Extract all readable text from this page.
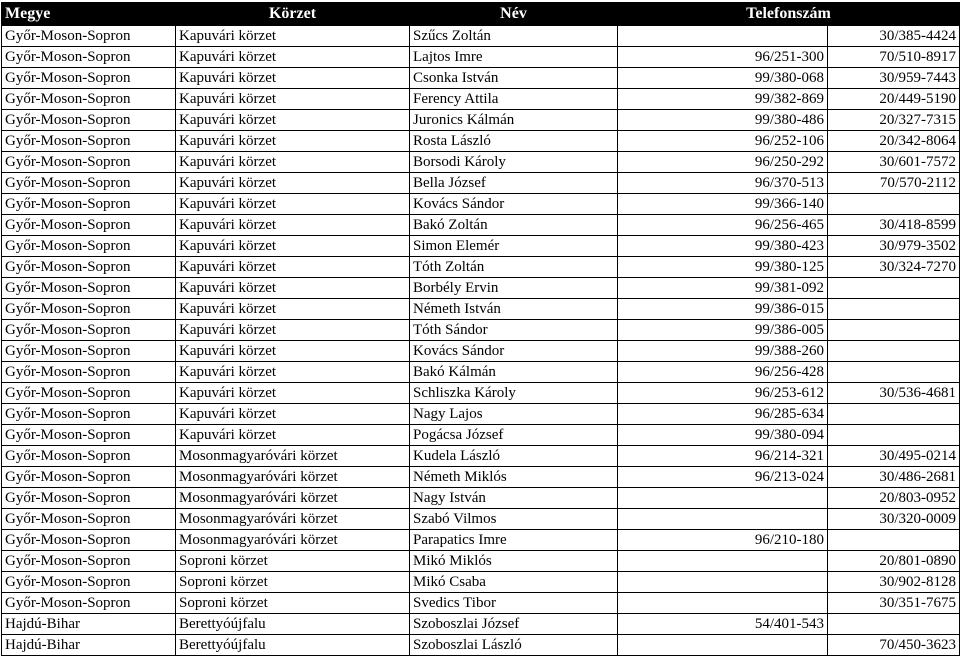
Megye	Körzet	Név	Telefonszám	
Győr-Moson-Sopron	Kapuvári körzet	Szűcs Zoltán		30/385-4424
Győr-Moson-Sopron	Kapuvári körzet	Lajtos Imre	96/251-300	70/510-8917
Győr-Moson-Sopron	Kapuvári körzet	Csonka István	99/380-068	30/959-7443
Győr-Moson-Sopron	Kapuvári körzet	Ferency Attila	99/382-869	20/449-5190
Győr-Moson-Sopron	Kapuvári körzet	Juronics Kálmán	99/380-486	20/327-7315
Győr-Moson-Sopron	Kapuvári körzet	Rosta László	96/252-106	20/342-8064
Győr-Moson-Sopron	Kapuvári körzet	Borsodi Károly	96/250-292	30/601-7572
Győr-Moson-Sopron	Kapuvári körzet	Bella József	96/370-513	70/570-2112
Győr-Moson-Sopron	Kapuvári körzet	Kovács Sándor	99/366-140	
Győr-Moson-Sopron	Kapuvári körzet	Bakó Zoltán	96/256-465	30/418-8599
Győr-Moson-Sopron	Kapuvári körzet	Simon Elemér	99/380-423	30/979-3502
Győr-Moson-Sopron	Kapuvári körzet	Tóth Zoltán	99/380-125	30/324-7270
Győr-Moson-Sopron	Kapuvári körzet	Borbély Ervin	99/381-092	
Győr-Moson-Sopron	Kapuvári körzet	Németh István	99/386-015	
Győr-Moson-Sopron	Kapuvári körzet	Tóth Sándor	99/386-005	
Győr-Moson-Sopron	Kapuvári körzet	Kovács Sándor	99/388-260	
Győr-Moson-Sopron	Kapuvári körzet	Bakó Kálmán	96/256-428	
Győr-Moson-Sopron	Kapuvári körzet	Schliszka Károly	96/253-612	30/536-4681
Győr-Moson-Sopron	Kapuvári körzet	Nagy Lajos	96/285-634	
Győr-Moson-Sopron	Kapuvári körzet	Pogácsa József	99/380-094	
Győr-Moson-Sopron	Mosonmagyaróvári körzet	Kudela László	96/214-321	30/495-0214
Győr-Moson-Sopron	Mosonmagyaróvári körzet	Németh Miklós	96/213-024	30/486-2681
Győr-Moson-Sopron	Mosonmagyaróvári körzet	Nagy István		20/803-0952
Győr-Moson-Sopron	Mosonmagyaróvári körzet	Szabó Vilmos		30/320-0009
Győr-Moson-Sopron	Mosonmagyaróvári körzet	Parapatics Imre	96/210-180	
Győr-Moson-Sopron	Soproni körzet	Mikó Miklós		20/801-0890
Győr-Moson-Sopron	Soproni körzet	Mikó Csaba		30/902-8128
Győr-Moson-Sopron	Soproni körzet	Svedics Tibor		30/351-7675
Hajdú-Bihar	Berettyóújfalu	Szoboszlai József	54/401-543	
Hajdú-Bihar	Berettyóújfalu	Szoboszlai László		70/450-3623
